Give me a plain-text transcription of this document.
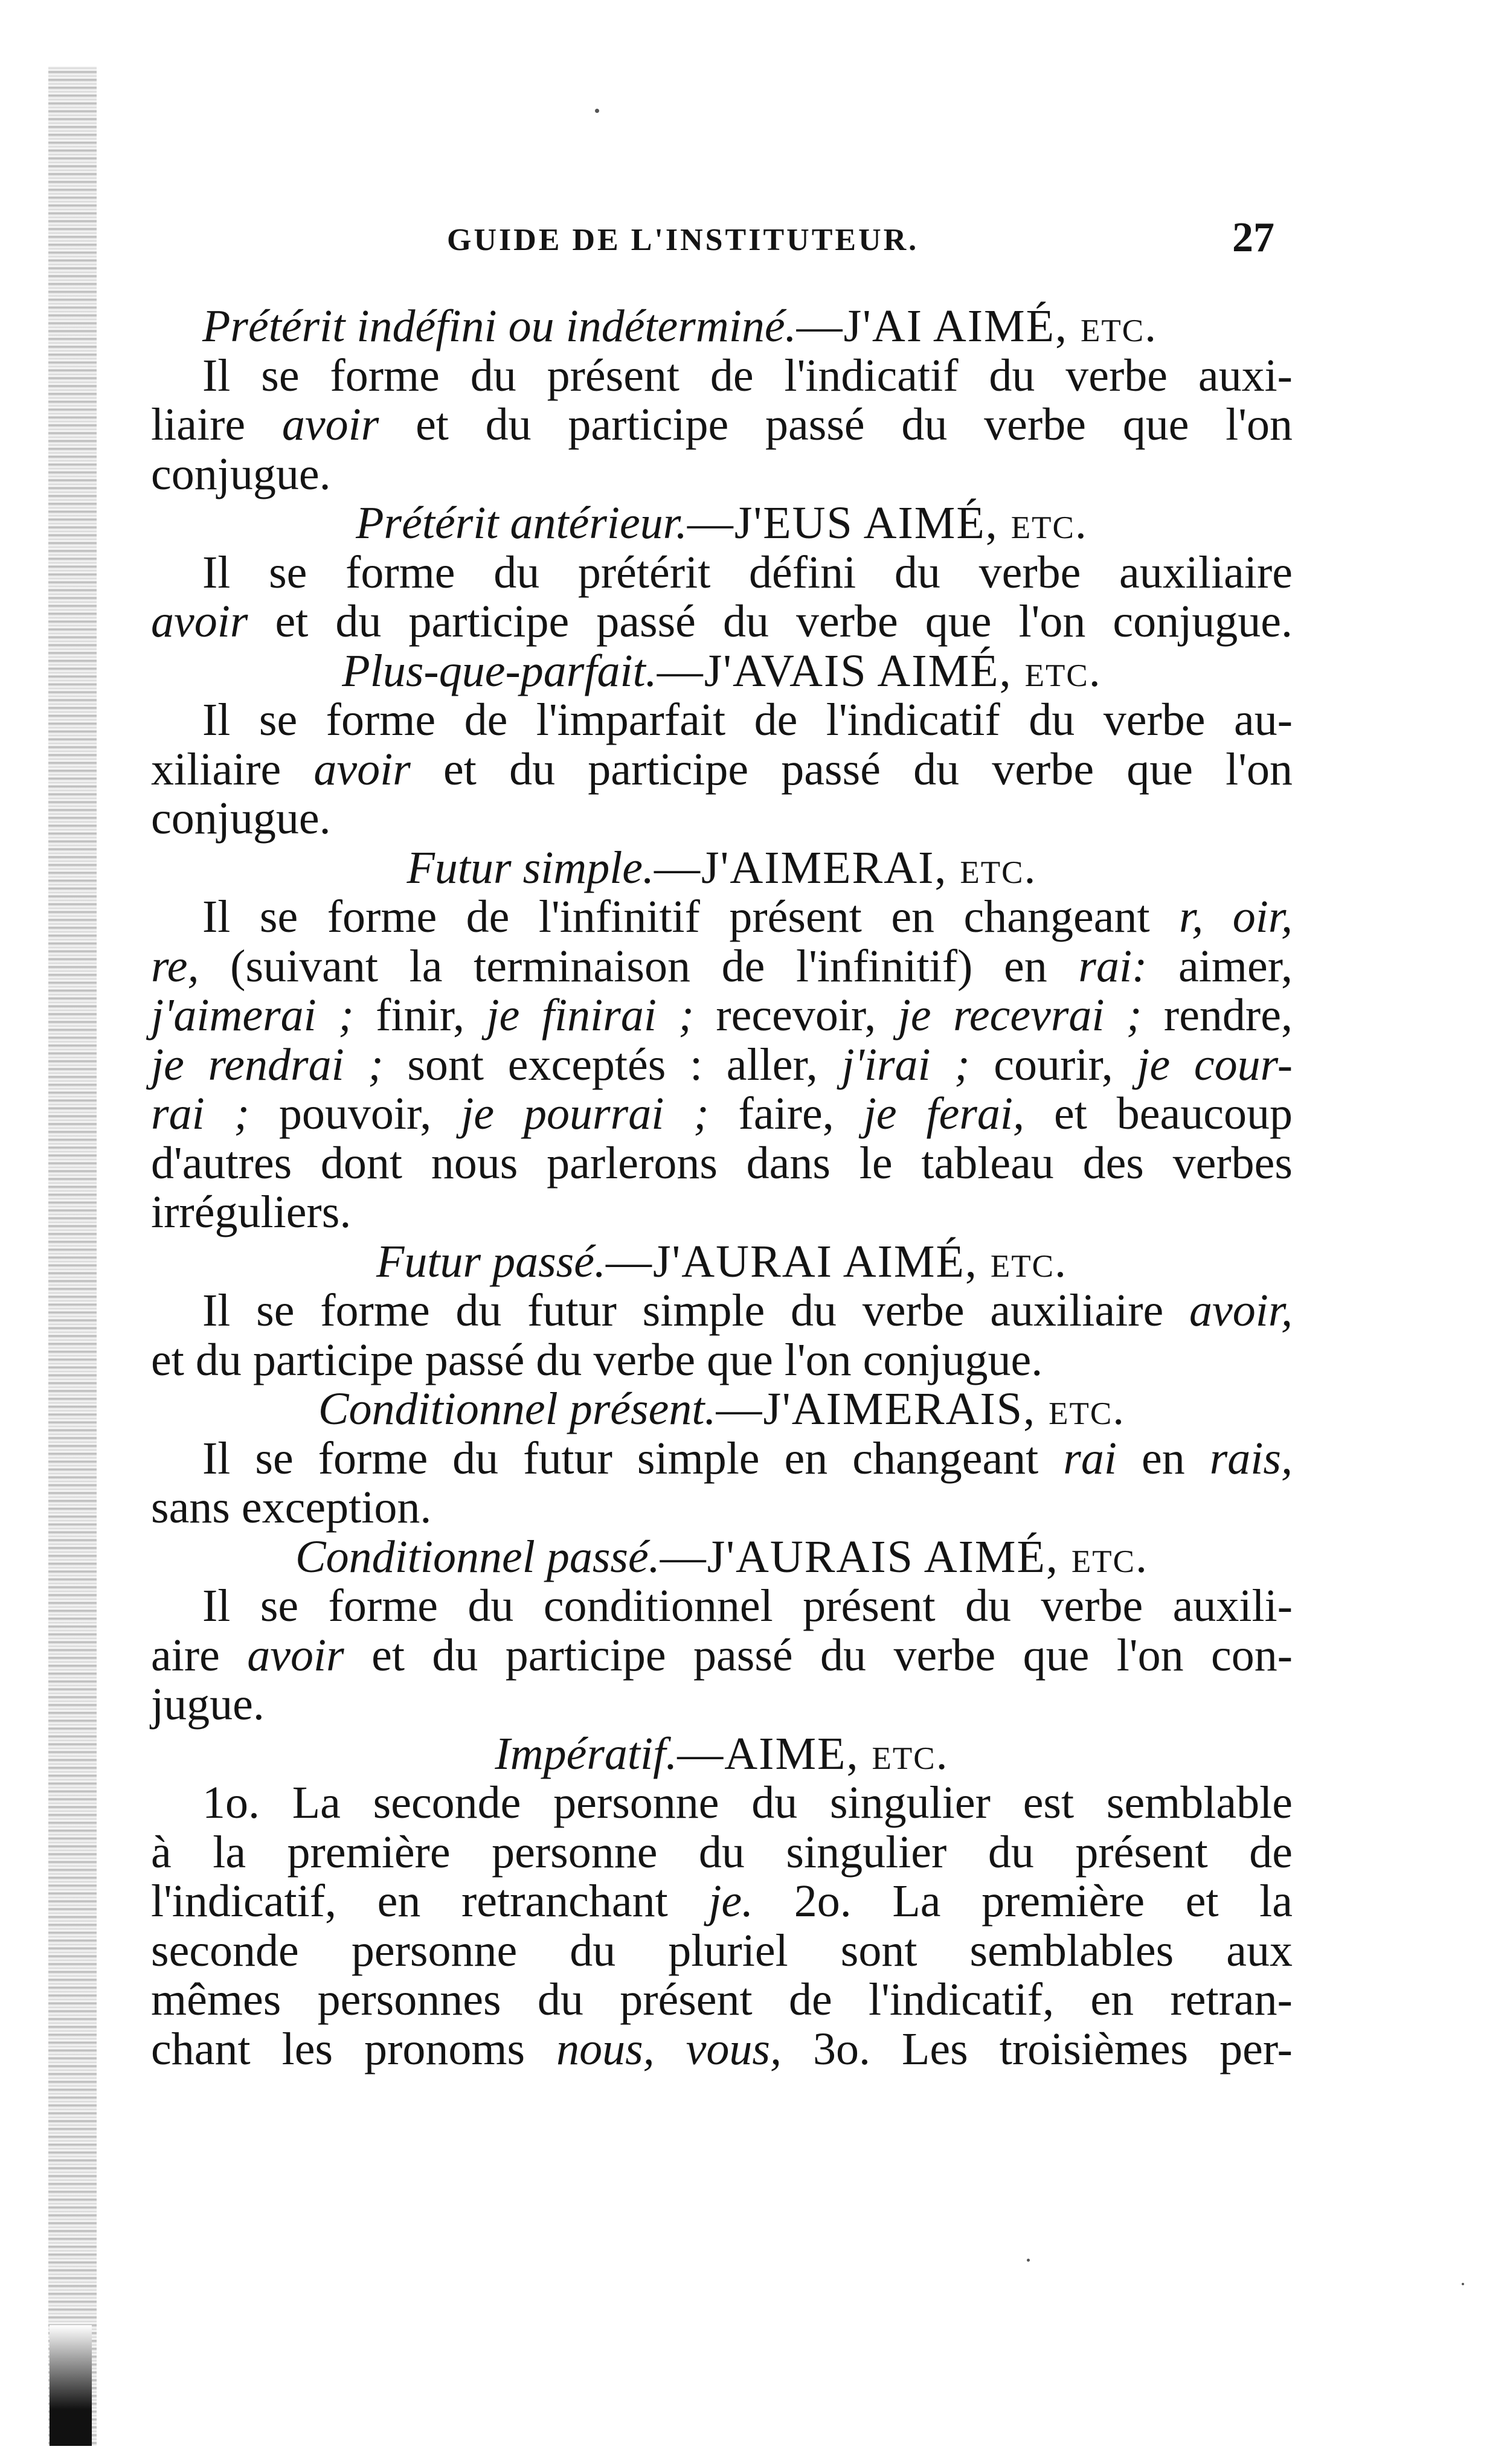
GUIDE DE L'INSTITUTEUR.	27
Prétérit indéfini ou indéterminé.—J'AI AIMÉ, etc.
Il se forme du présent de l'indicatif du verbe auxi-
liaire avoir et du participe passé du verbe que l'on
conjugue.
Prétérit antérieur.—J'EUS AIMÉ, etc.
Il se forme du prétérit défini du verbe auxiliaire
avoir et du participe passé du verbe que l'on conjugue.
Plus-que-parfait.—J'AVAIS AIMÉ, etc.
Il se forme de l'imparfait de l'indicatif du verbe au-
xiliaire avoir et du participe passé du verbe que l'on
conjugue.
Futur simple.—J'AIMERAI, etc.
Il se forme de l'infinitif présent en changeant r, oir,
re, (suivant la terminaison de l'infinitif) en rai: aimer,
j'aimerai ; finir, je finirai ; recevoir, je recevrai ; rendre,
je rendrai ; sont exceptés : aller, j'irai ; courir, je cour-
rai ; pouvoir, je pourrai ; faire, je ferai, et beaucoup
d'autres dont nous parlerons dans le tableau des verbes
irréguliers.
Futur passé.—J'AURAI AIMÉ, etc.
Il se forme du futur simple du verbe auxiliaire avoir,
et du participe passé du verbe que l'on conjugue.
Conditionnel présent.—J'AIMERAIS, etc.
Il se forme du futur simple en changeant rai en rais,
sans exception.
Conditionnel passé.—J'AURAIS AIMÉ, etc.
Il se forme du conditionnel présent du verbe auxili-
aire avoir et du participe passé du verbe que l'on con-
jugue.
Impératif.—AIME, etc.
1o. La seconde personne du singulier est semblable
à la première personne du singulier du présent de
l'indicatif, en retranchant je. 2o. La première et la
seconde personne du pluriel sont semblables aux
mêmes personnes du présent de l'indicatif, en retran-
chant les pronoms nous, vous, 3o. Les troisièmes per-
